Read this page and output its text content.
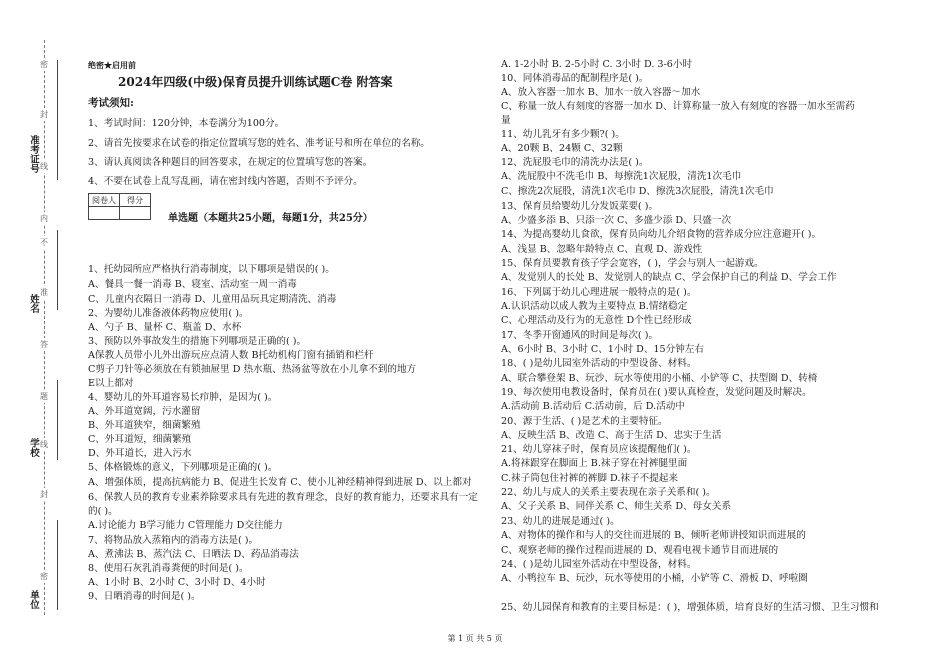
准考证号
姓名
学校
单位
密
封
线
内
不
准
答
题
线
封
密
绝密★启用前
2024年四级(中级)保育员提升训练试题C卷 附答案
考试须知:
1、考试时间：120分钟，本卷满分为100分。
2、请首先按要求在试卷的指定位置填写您的姓名、准考证号和所在单位的名称。
3、请认真阅读各种题目的回答要求，在规定的位置填写您的答案。
4、不要在试卷上乱写乱画，请在密封线内答题，否则不予评分。
阅卷人	得分

单选题（本题共25小题，每题1分，共25分）
1、托幼园所应严格执行消毒制度，以下哪项是错误的( )。
A、餐具一餐一消毒 B、寝室、活动室一周一消毒
C、儿童内衣隔日一消毒 D、儿童用品玩具定期清洗、消毒
2、为婴幼儿准备液体药物应使用( )。
A、勺子 B、量杯 C、瓶盖 D、水杯
3、预防以外事故发生的措施下列哪项是正确的( )。
A保教人员带小儿外出游玩应点清人数 B托幼机构门窗有插销和栏杆
C剪子刀针等必须放在有锁抽屉里 D 热水瓶、热汤盆等放在小儿拿不到的地方
E以上都对
4、婴幼儿的外耳道容易长疖肿，是因为( )。
A、外耳道宽阔，污水灌留
B、外耳道狭窄，细菌繁殖
C、外耳道短，细菌繁殖
D、外耳道长，进入污水
5、体格锻炼的意义，下列哪项是正确的( )。
A、增强体质，提高抗病能力 B、促进生长发育 C、使小儿神经精神得到进展 D、以上都对
6、保教人员的教育专业素养除要求具有先进的教育理念，良好的教育能力，还要求具有一定
的( )。
A.讨论能力 B学习能力 C管理能力 D交往能力
7、将物品放入蒸箱内的消毒方法是( )。
A、煮沸法 B、蒸汽法 C、日晒法 D、药品消毒法
8、使用石灰乳消毒粪便的时间是( )。
A、1小时 B、2小时 C、3小时 D、4小时
9、日晒消毒的时间是( )。
A. 1-2小时 B. 2-5小时 C. 3小时 D. 3-6小时
10、同体消毒品的配制程序是( )。
A、放入容器一加水 B、加水一放入容器～加水
C、称量一放人有刻度的容器一加水 D、计算称量一放入有刻度的容器一加水至需药
量
11、幼儿乳牙有多少颗?( )。
A、20颗 B、24颗 C、32颗
12、洗屁股毛巾的清洗办法是( )。
A、洗屁股中不洗毛巾 B、每擦洗1次屁股，清洗1次毛巾
C、擦洗2次屁股，清洗1次毛巾 D、擦洗3次屁股，清洗1次毛巾
13、保育员给婴幼儿分发饭菜要( )。
A、少盛多添 B、只添一次 C、多盛少添 D、只盛一次
14、为提高婴幼儿食欲，保育员向幼儿介绍食物的营养成分应注意避开( )。
A、浅显 B、忽略年龄特点 C、直观 D、游戏性
15、保育员要教育孩子学会宽容，( )，学会与别人一起游戏。
A、发觉别人的长处 B、发觉别人的缺点 C、学会保护自己的利益 D、学会工作
16、下列属于幼儿心理进展一般特点的是( )。
A.认识活动以成人教为主要特点 B.情绪稳定
C、心理活动及行为的无意性 D个性已经形成
17、冬季开窗通风的时间是每次( )。
A、6小时 B、3小时 C、1小时 D、15分钟左右
18、( )是幼儿园室外活动的中型设备、材料。
A、联合攀登架 B、玩沙、玩水等使用的小桶、小铲等 C、扶型圈 D、转椅
19、每次使用电教设备时，保育员在( )要认真检查，发觉问题及时解决。
A.活动前 B.活动后 C.活动前，后 D.活动中
20、源于生活、( )是艺术的主要特征。
A、反映生活 B、改造 C、高于生活 D、忠实于生活
21、幼儿穿袜子时，保育员应该提醒他们( )。
A.将袜跟穿在脚面上 B.袜子穿在衬裤腿里面
C.袜子筒包住衬裤的裤脚 D.袜子不提起来
22、幼儿与成人的关系主要表现在亲子关系和( )。
A、父子关系 B、同伴关系 C、师生关系 D、母女关系
23、幼儿的进展是通过( )。
A、对物体的操作和与人的交往而进展的 B、倾听老师讲授知识而进展的
C、观察老师的操作过程而进展的 D、观看电视卡通节目而进展的
24、( )是幼儿园室外活动在中型设备，材料。
A、小鸭拉车 B、玩沙，玩水等使用的小桶，小铲等 C、滑板 D、呼啦圈
25、幼儿园保育和教育的主要目标是：( )，增强体质，培育良好的生活习惯、卫生习惯和
第 1 页 共 5 页
